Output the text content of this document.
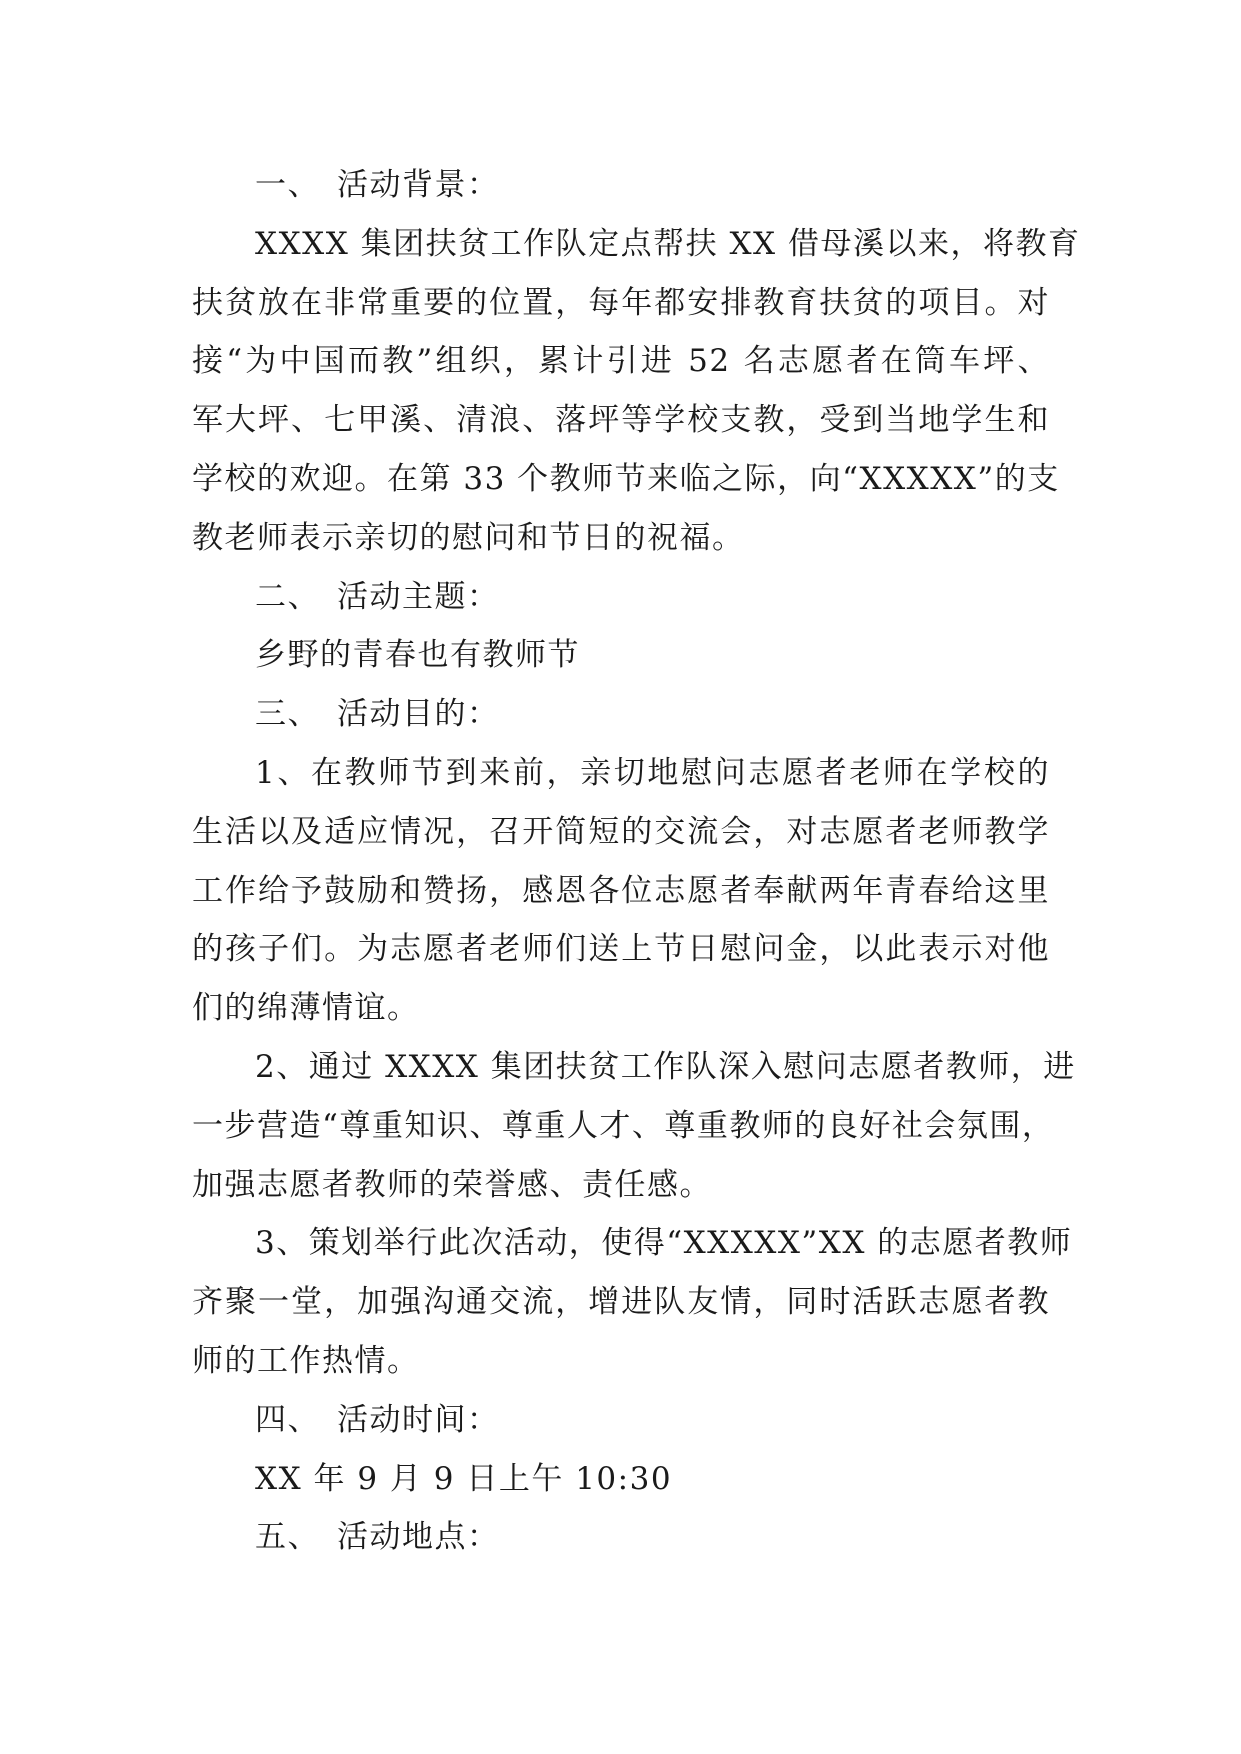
一、 活动背景：
XXXX 集团扶贫工作队定点帮扶 XX 借母溪以来，将教育
扶贫放在非常重要的位置，每年都安排教育扶贫的项目。对
接“为中国而教”组织，累计引进 52 名志愿者在筒车坪、
军大坪、七甲溪、清浪、落坪等学校支教，受到当地学生和
学校的欢迎。在第 33 个教师节来临之际，向“XXXXX”的支
教老师表示亲切的慰问和节日的祝福。
二、 活动主题：
乡野的青春也有教师节
三、 活动目的：
1、在教师节到来前，亲切地慰问志愿者老师在学校的
生活以及适应情况，召开简短的交流会，对志愿者老师教学
工作给予鼓励和赞扬，感恩各位志愿者奉献两年青春给这里
的孩子们。为志愿者老师们送上节日慰问金，以此表示对他
们的绵薄情谊。
2、通过 XXXX 集团扶贫工作队深入慰问志愿者教师，进
一步营造“尊重知识、尊重人才、尊重教师的良好社会氛围，
加强志愿者教师的荣誉感、责任感。
3、策划举行此次活动，使得“XXXXX”XX 的志愿者教师
齐聚一堂，加强沟通交流，增进队友情，同时活跃志愿者教
师的工作热情。
四、 活动时间：
XX 年 9 月 9 日上午 10:30
五、 活动地点：
